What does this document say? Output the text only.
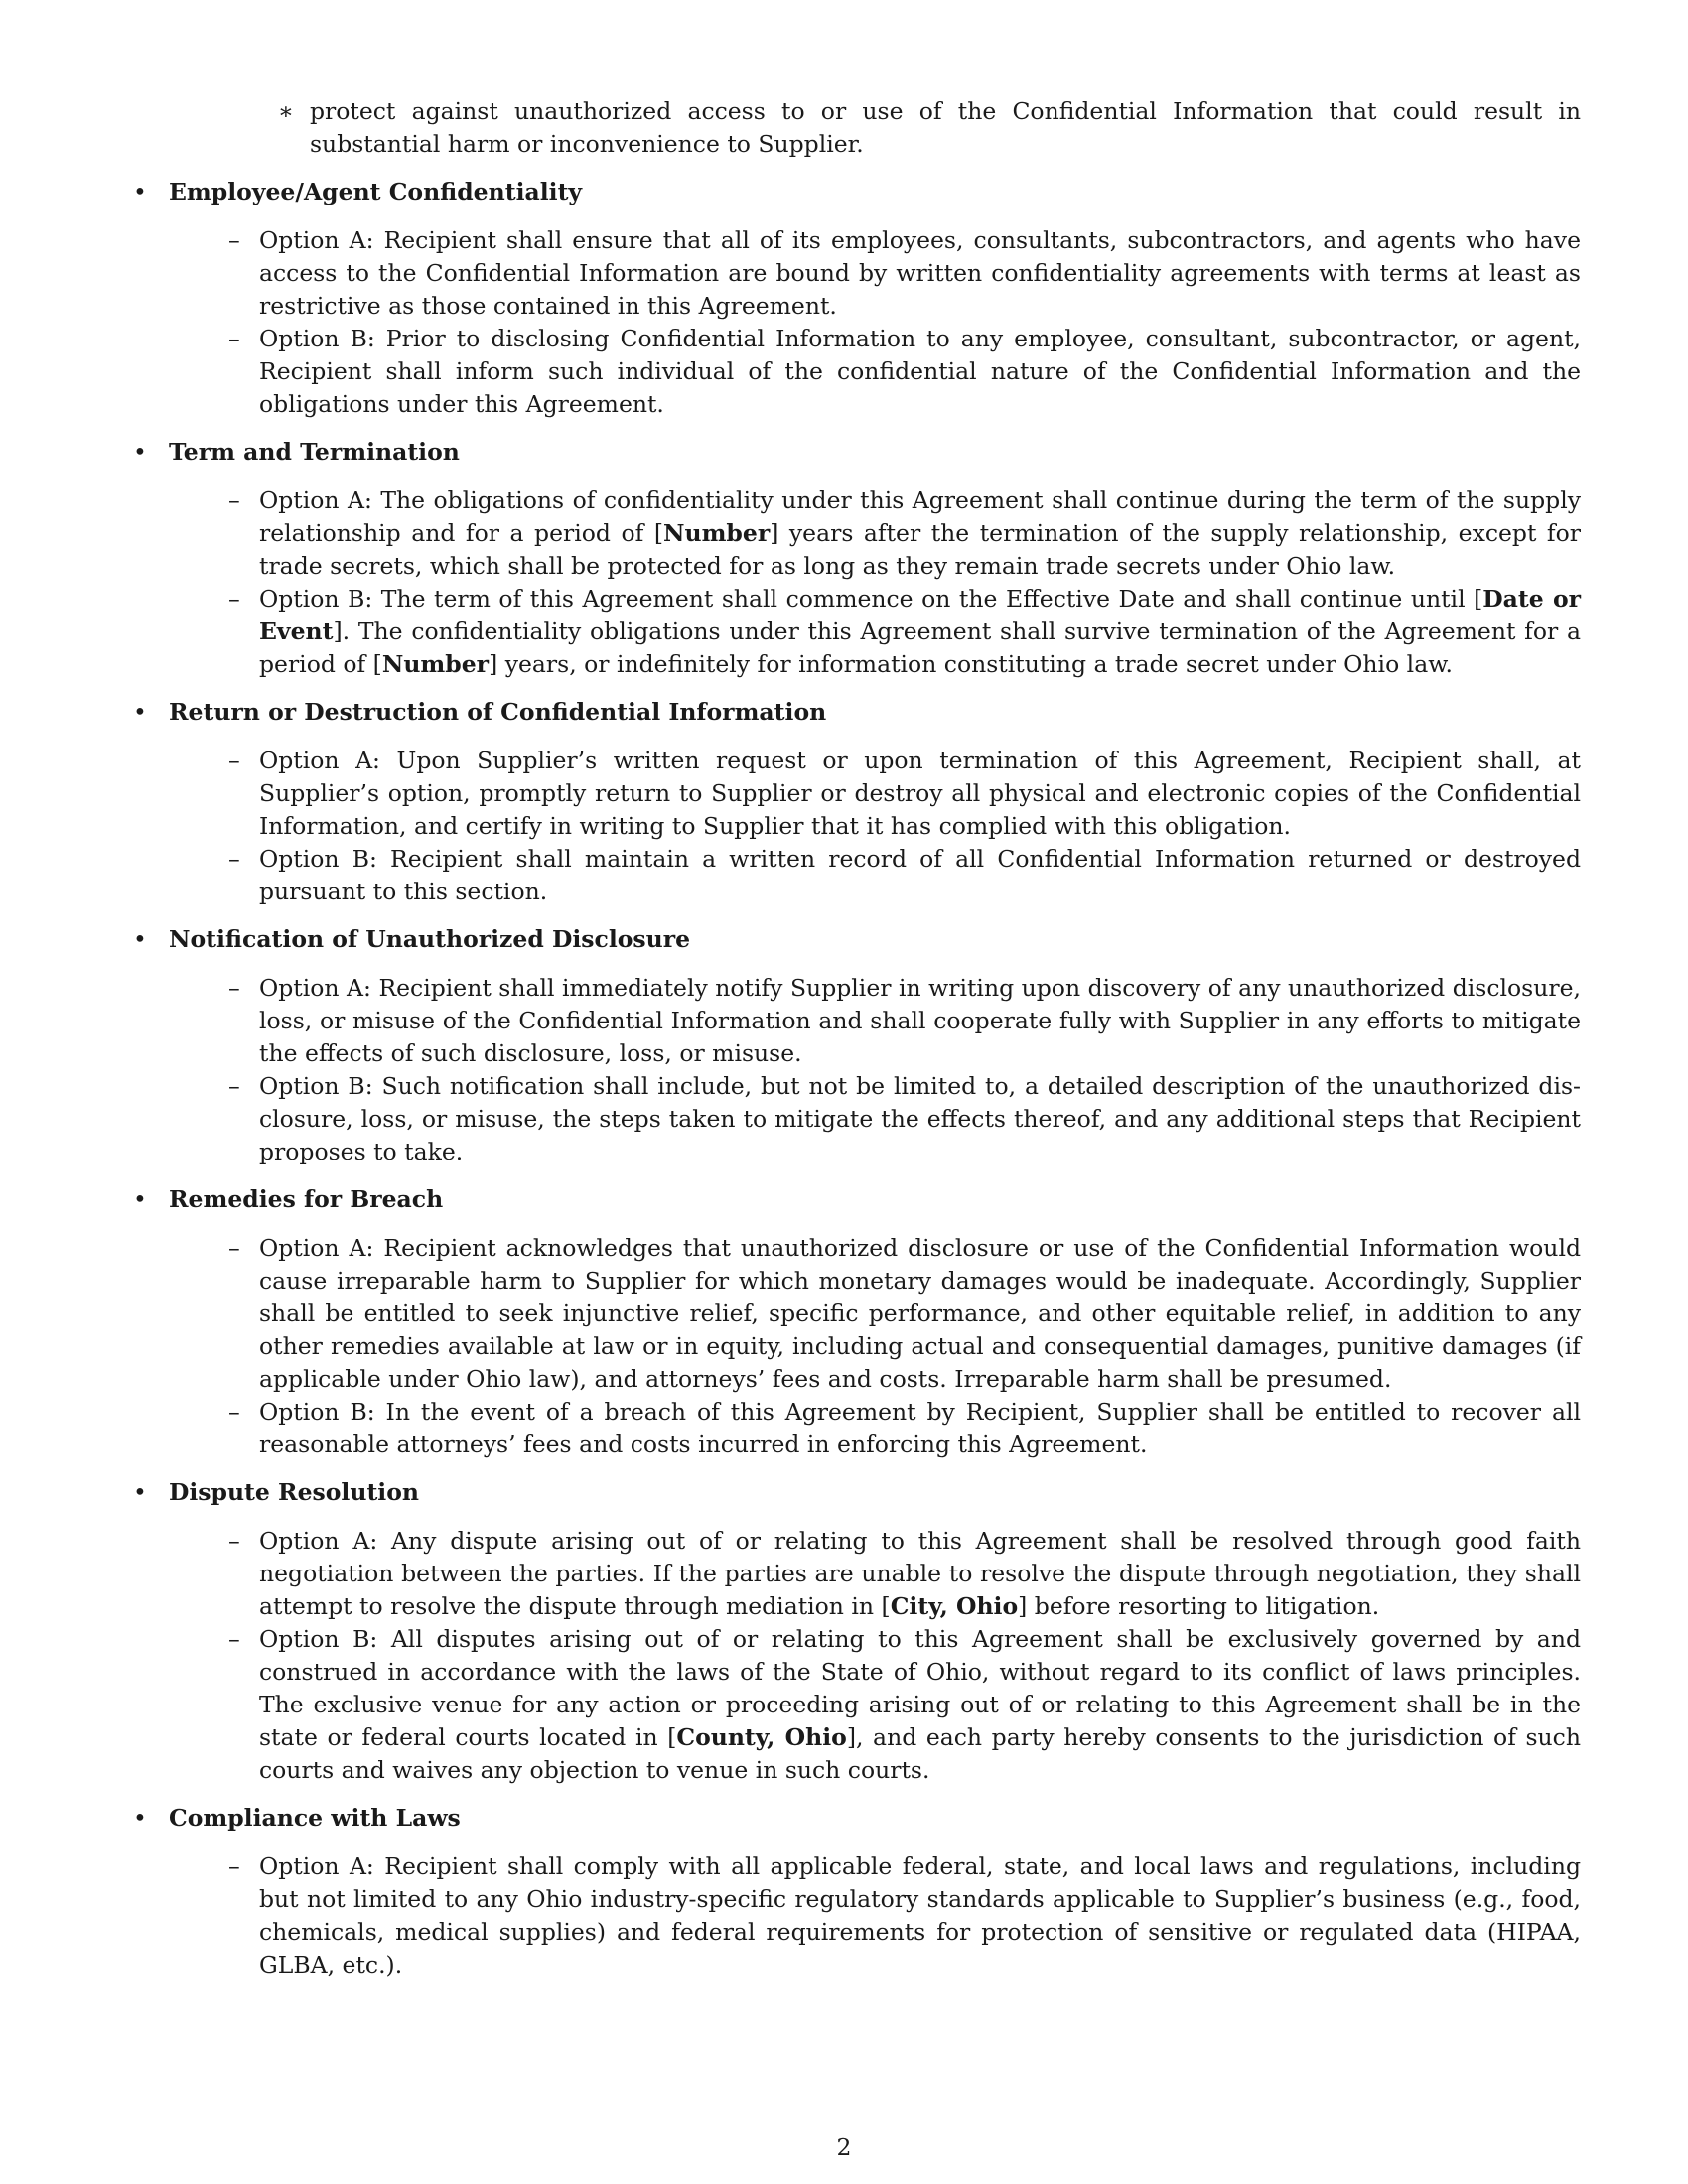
∗ protect against unauthorized access to or use of the Confidential Information that could result in substantial harm or inconvenience to Supplier.

• Employee/Agent Confidentiality

– Option A: Recipient shall ensure that all of its employees, consultants, subcontractors, and agents who have access to the Confidential Information are bound by written confidentiality agreements with terms at least as restrictive as those contained in this Agreement.

– Option B: Prior to disclosing Confidential Information to any employee, consultant, subcontractor, or agent, Recipient shall inform such individual of the confidential nature of the Confidential Information and the obligations under this Agreement.

• Term and Termination

– Option A: The obligations of confidentiality under this Agreement shall continue during the term of the supply relationship and for a period of [Number] years after the termination of the supply relationship, except for trade secrets, which shall be protected for as long as they remain trade secrets under Ohio law.

– Option B: The term of this Agreement shall commence on the Effective Date and shall continue until [Date or Event]. The confidentiality obligations under this Agreement shall survive termination of the Agreement for a period of [Number] years, or indefinitely for information constituting a trade secret under Ohio law.

• Return or Destruction of Confidential Information

– Option A: Upon Supplier’s written request or upon termination of this Agreement, Recipient shall, at Supplier’s option, promptly return to Supplier or destroy all physical and electronic copies of the Confidential Information, and certify in writing to Supplier that it has complied with this obligation.

– Option B: Recipient shall maintain a written record of all Confidential Information returned or destroyed pursuant to this section.

• Notification of Unauthorized Disclosure

– Option A: Recipient shall immediately notify Supplier in writing upon discovery of any unauthorized disclosure, loss, or misuse of the Confidential Information and shall cooperate fully with Supplier in any efforts to mitigate the effects of such disclosure, loss, or misuse.

– Option B: Such notification shall include, but not be limited to, a detailed description of the unauthorized disclosure, loss, or misuse, the steps taken to mitigate the effects thereof, and any additional steps that Recipient proposes to take.

• Remedies for Breach

– Option A: Recipient acknowledges that unauthorized disclosure or use of the Confidential Information would cause irreparable harm to Supplier for which monetary damages would be inadequate. Accordingly, Supplier shall be entitled to seek injunctive relief, specific performance, and other equitable relief, in addition to any other remedies available at law or in equity, including actual and consequential damages, punitive damages (if applicable under Ohio law), and attorneys’ fees and costs. Irreparable harm shall be presumed.

– Option B: In the event of a breach of this Agreement by Recipient, Supplier shall be entitled to recover all reasonable attorneys’ fees and costs incurred in enforcing this Agreement.

• Dispute Resolution

– Option A: Any dispute arising out of or relating to this Agreement shall be resolved through good faith negotiation between the parties. If the parties are unable to resolve the dispute through negotiation, they shall attempt to resolve the dispute through mediation in [City, Ohio] before resorting to litigation.

– Option B: All disputes arising out of or relating to this Agreement shall be exclusively governed by and construed in accordance with the laws of the State of Ohio, without regard to its conflict of laws principles. The exclusive venue for any action or proceeding arising out of or relating to this Agreement shall be in the state or federal courts located in [County, Ohio], and each party hereby consents to the jurisdiction of such courts and waives any objection to venue in such courts.

• Compliance with Laws

– Option A: Recipient shall comply with all applicable federal, state, and local laws and regulations, including but not limited to any Ohio industry-specific regulatory standards applicable to Supplier’s business (e.g., food, chemicals, medical supplies) and federal requirements for protection of sensitive or regulated data (HIPAA, GLBA, etc.).

2
